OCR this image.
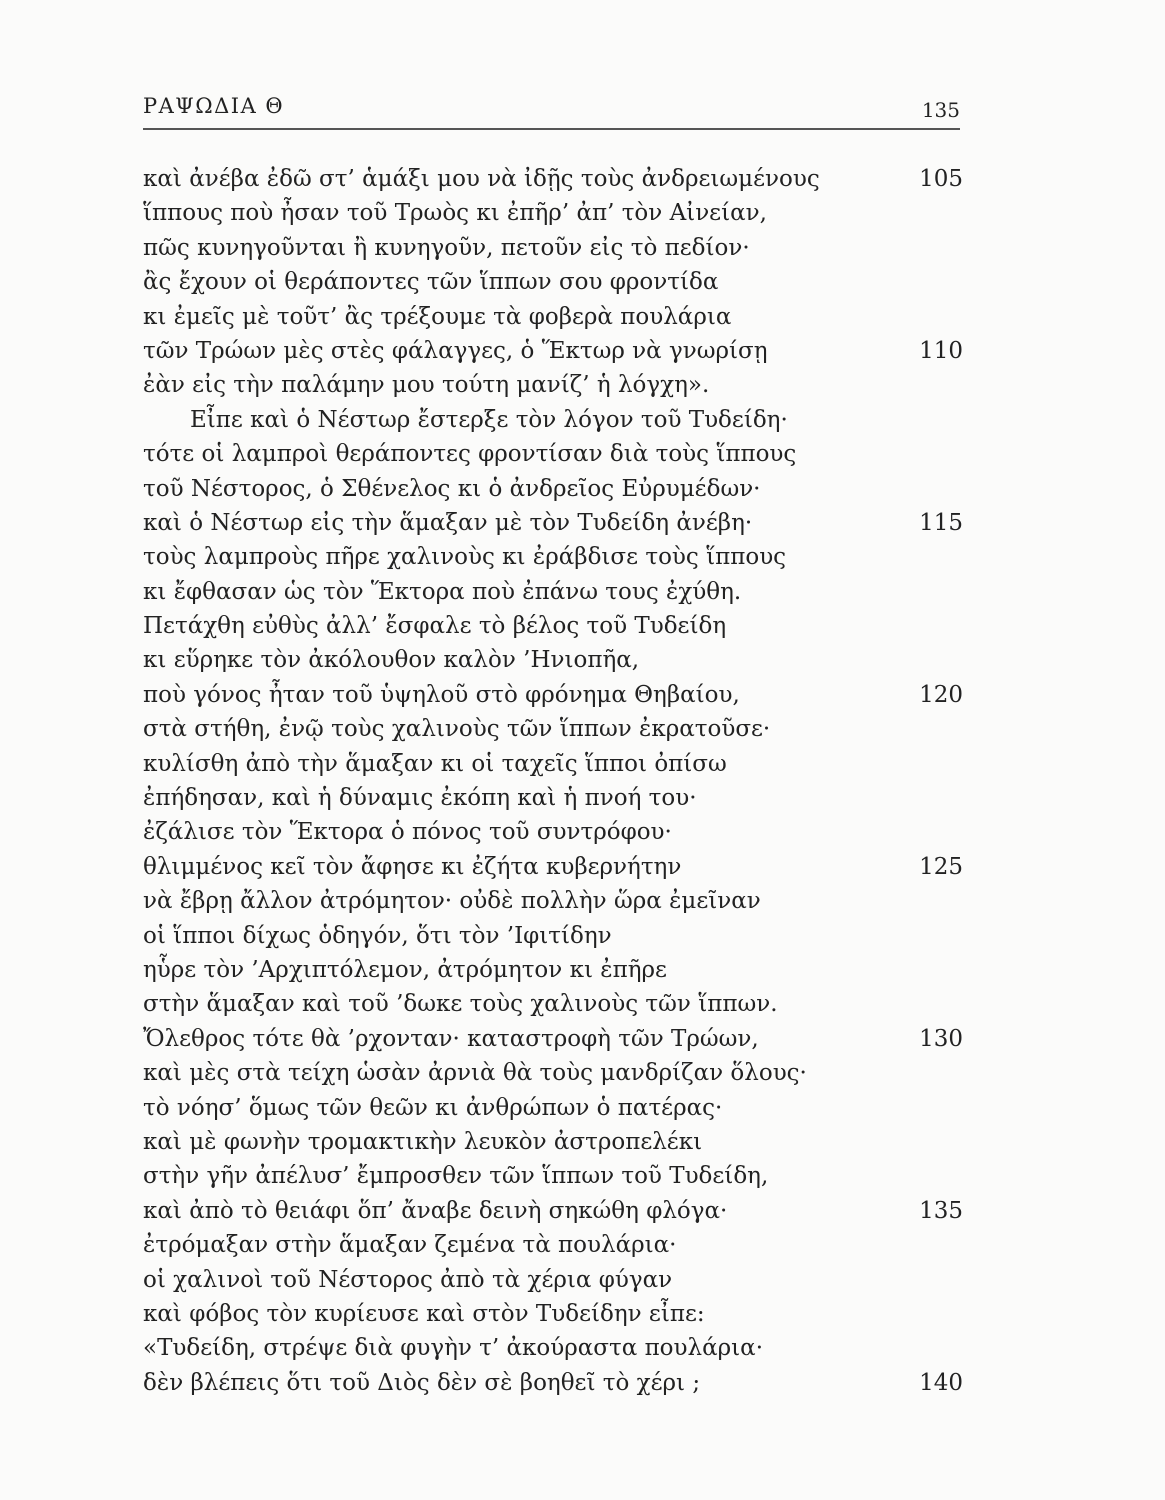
ΡΑΨΩΔΙΑ Θ	135
καὶ ἀνέβα ἐδῶ στ’ ἁμάξι μου νὰ ἰδῇς τοὺς ἀνδρειωμένους	105
ἵππους ποὺ ἦσαν τοῦ Τρωὸς κι ἐπῆρ’ ἀπ’ τὸν Αἰνείαν,
πῶς κυνηγοῦνται ἢ κυνηγοῦν, πετοῦν εἰς τὸ πεδίον·
ἂς ἔχουν οἱ θεράποντες τῶν ἵππων σου φροντίδα
κι ἐμεῖς μὲ τοῦτ’ ἂς τρέξουμε τὰ φοβερὰ πουλάρια
τῶν Τρώων μὲς στὲς φάλαγγες, ὁ Ἕκτωρ νὰ γνωρίσῃ	110
ἐὰν εἰς τὴν παλάμην μου τούτη μανίζ’ ἡ λόγχη».
Εἶπε καὶ ὁ Νέστωρ ἔστερξε τὸν λόγον τοῦ Τυδείδη·
τότε οἱ λαμπροὶ θεράποντες φροντίσαν διὰ τοὺς ἵππους
τοῦ Νέστορος, ὁ Σθένελος κι ὁ ἀνδρεῖος Εὐρυμέδων·
καὶ ὁ Νέστωρ εἰς τὴν ἅμαξαν μὲ τὸν Τυδείδη ἀνέβη·	115
τοὺς λαμπροὺς πῆρε χαλινοὺς κι ἐράβδισε τοὺς ἵππους
κι ἔφθασαν ὡς τὸν Ἕκτορα ποὺ ἐπάνω τους ἐχύθη.
Πετάχθη εὐθὺς ἀλλ’ ἔσφαλε τὸ βέλος τοῦ Τυδείδη
κι εὕρηκε τὸν ἀκόλουθον καλὸν ’Ηνιοπῆα,
ποὺ γόνος ἦταν τοῦ ὑψηλοῦ στὸ φρόνημα Θηβαίου,	120
στὰ στήθη, ἐνῷ τοὺς χαλινοὺς τῶν ἵππων ἐκρατοῦσε·
κυλίσθη ἀπὸ τὴν ἅμαξαν κι οἱ ταχεῖς ἵπποι ὀπίσω
ἐπήδησαν, καὶ ἡ δύναμις ἐκόπη καὶ ἡ πνοή του·
ἐζάλισε τὸν Ἕκτορα ὁ πόνος τοῦ συντρόφου·
θλιμμένος κεῖ τὸν ἄφησε κι ἐζήτα κυβερνήτην	125
νὰ ἔβρῃ ἄλλον ἀτρόμητον· οὐδὲ πολλὴν ὥρα ἐμεῖναν
οἱ ἵπποι δίχως ὁδηγόν, ὅτι τὸν ’Ιφιτίδην
ηὗρε τὸν ’Αρχιπτόλεμον, ἀτρόμητον κι ἐπῆρε
στὴν ἅμαξαν καὶ τοῦ ’δωκε τοὺς χαλινοὺς τῶν ἵππων.
Ὄλεθρος τότε θὰ ’ρχονταν· καταστροφὴ τῶν Τρώων,	130
καὶ μὲς στὰ τείχη ὡσὰν ἀρνιὰ θὰ τοὺς μανδρίζαν ὅλους·
τὸ νόησ’ ὅμως τῶν θεῶν κι ἀνθρώπων ὁ πατέρας·
καὶ μὲ φωνὴν τρομακτικὴν λευκὸν ἀστροπελέκι
στὴν γῆν ἀπέλυσ’ ἔμπροσθεν τῶν ἵππων τοῦ Τυδείδη,
καὶ ἀπὸ τὸ θειάφι ὅπ’ ἄναβε δεινὴ σηκώθη φλόγα·	135
ἐτρόμαξαν στὴν ἅμαξαν ζεμένα τὰ πουλάρια·
οἱ χαλινοὶ τοῦ Νέστορος ἀπὸ τὰ χέρια φύγαν
καὶ φόβος τὸν κυρίευσε καὶ στὸν Τυδείδην εἶπε:
«Τυδείδη, στρέψε διὰ φυγὴν τ’ ἀκούραστα πουλάρια·
δὲν βλέπεις ὅτι τοῦ Διὸς δὲν σὲ βοηθεῖ τὸ χέρι ;	140
